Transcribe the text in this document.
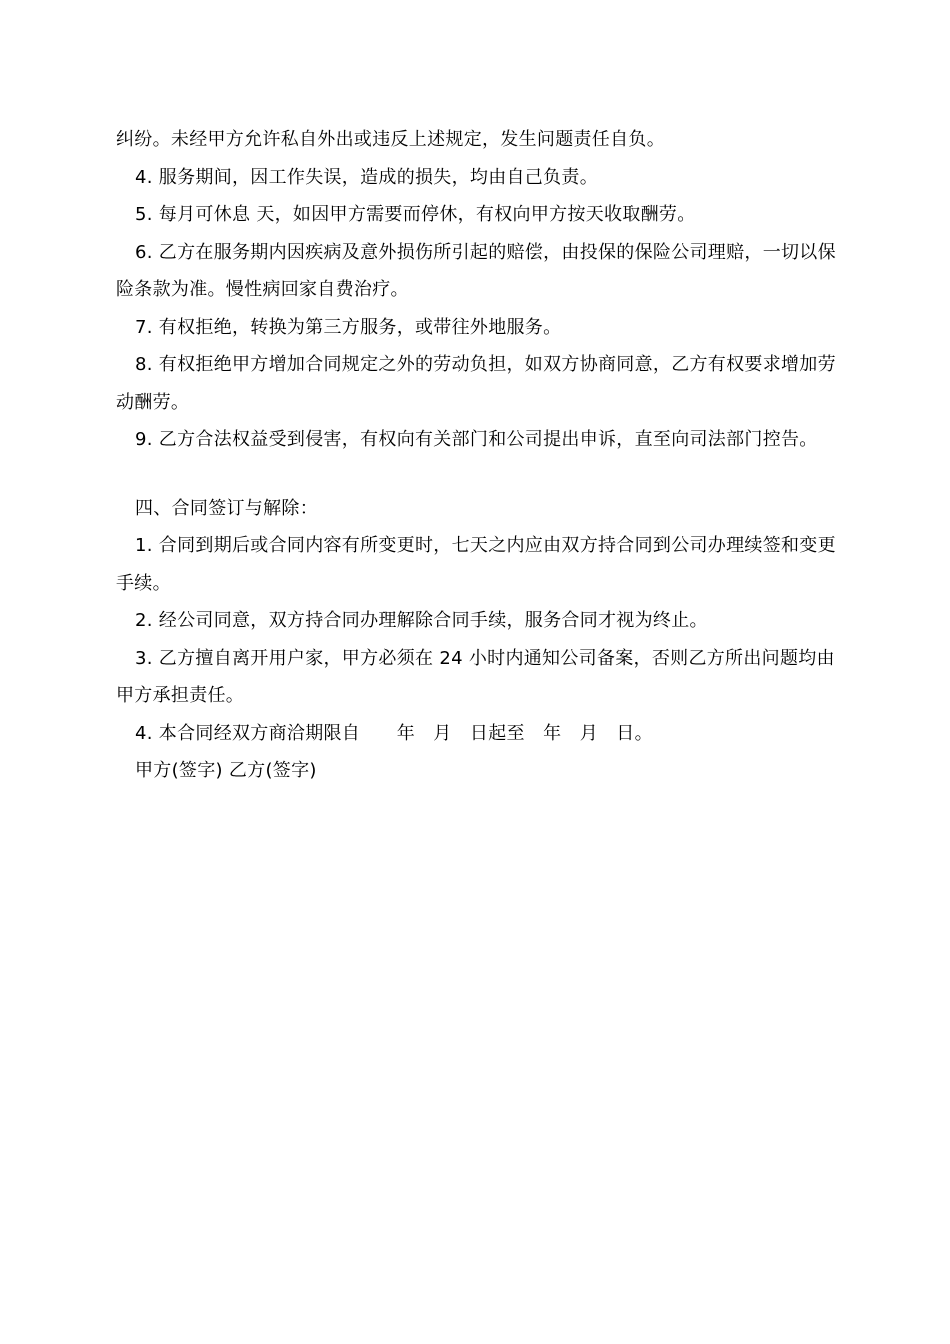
纠纷。未经甲方允许私自外出或违反上述规定，发生问题责任自负。

4. 服务期间，因工作失误，造成的损失，均由自己负责。

5. 每月可休息 天，如因甲方需要而停休，有权向甲方按天收取酬劳。

6. 乙方在服务期内因疾病及意外损伤所引起的赔偿，由投保的保险公司理赔，一切以保险条款为准。慢性病回家自费治疗。

7. 有权拒绝，转换为第三方服务，或带往外地服务。

8. 有权拒绝甲方增加合同规定之外的劳动负担，如双方协商同意，乙方有权要求增加劳动酬劳。

9. 乙方合法权益受到侵害，有权向有关部门和公司提出申诉，直至向司法部门控告。

四、合同签订与解除：

1. 合同到期后或合同内容有所变更时，七天之内应由双方持合同到公司办理续签和变更手续。

2. 经公司同意，双方持合同办理解除合同手续，服务合同才视为终止。

3. 乙方擅自离开用户家，甲方必须在 24 小时内通知公司备案，否则乙方所出问题均由甲方承担责任。

4. 本合同经双方商洽期限自　　年　月　日起至　年　月　日。

甲方(签字) 乙方(签字)
